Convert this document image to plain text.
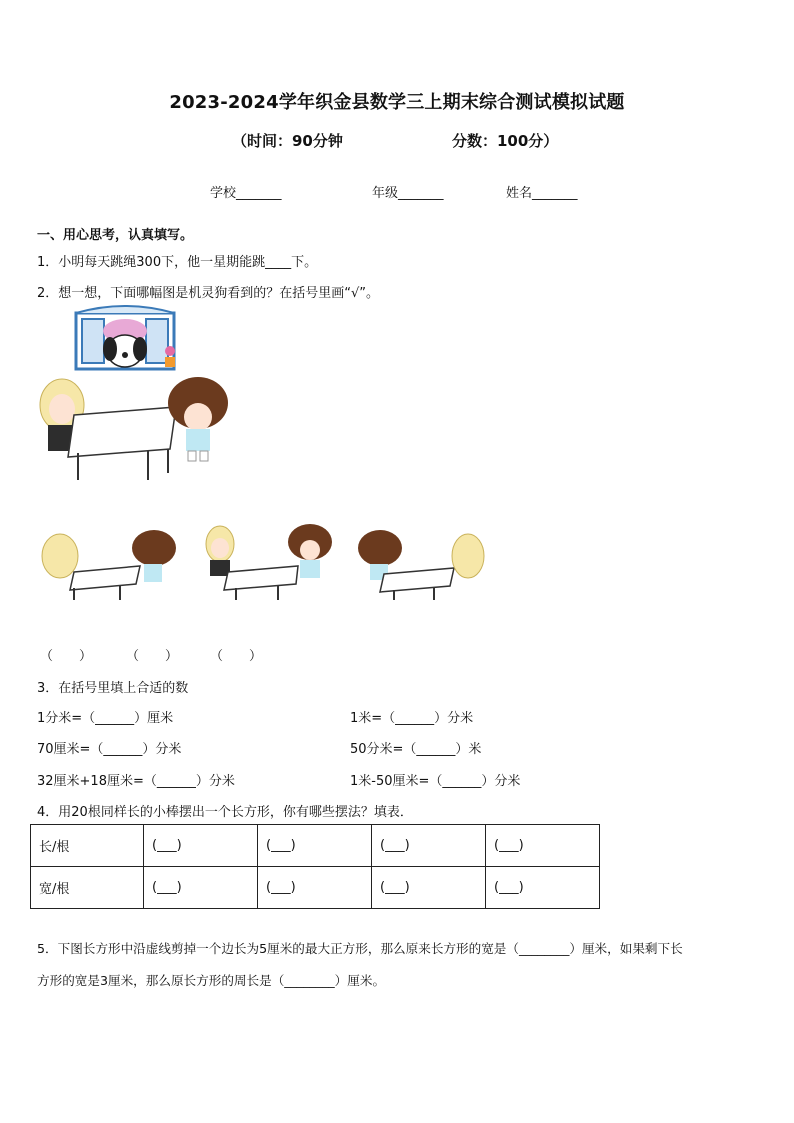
2023-2024学年织金县数学三上期末综合测试模拟试题
（时间：90分钟	分数：100分）
学校_______	年级_______	姓名_______
一、用心思考，认真填写。
1．小明每天跳绳300下，他一星期能跳____下。
2．想一想，下面哪幅图是机灵狗看到的？在括号里画“√”。
（　　）	（　　） （　　）
3．在括号里填上合适的数
1分米=（______）厘米	1米=（______）分米
70厘米=（______）分米	50分米=（______）米
32厘米+18厘米=（______）分米	1米-50厘米=（______）分米
4．用20根同样长的小棒摆出一个长方形，你有哪些摆法？填表．
长/根	(___)	(___)	(___)	(___)
宽/根	(___)	(___)	(___)	(___)
5．下图长方形中沿虚线剪掉一个边长为5厘米的最大正方形，那么原来长方形的宽是（________）厘米，如果剩下长
方形的宽是3厘米，那么原长方形的周长是（________）厘米。
